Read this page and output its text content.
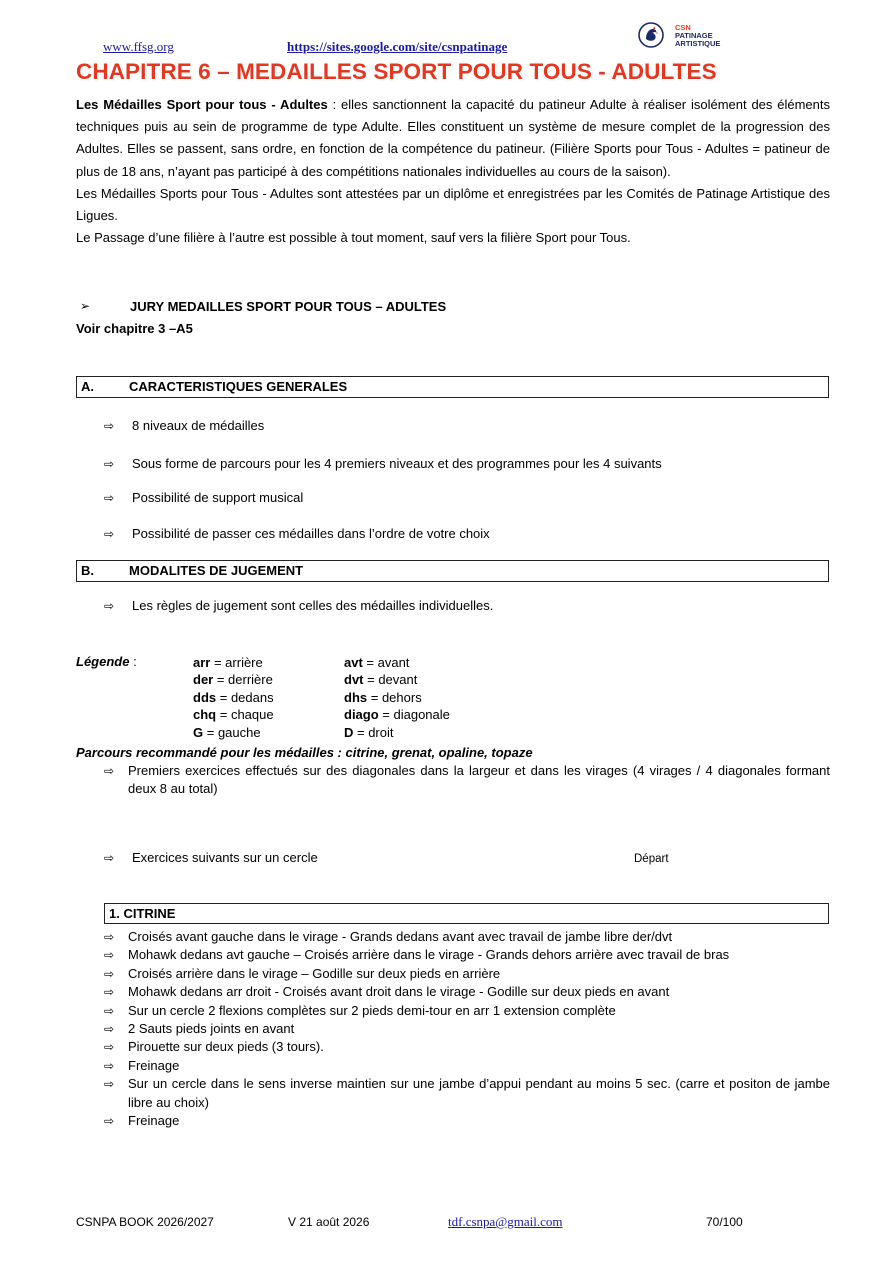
www.ffsg.org	https://sites.google.com/site/csnpatinage
CSN
PATINAGE
ARTISTIQUE
CHAPITRE 6 – MEDAILLES SPORT POUR TOUS - ADULTES

Les Médailles Sport pour tous - Adultes : elles sanctionnent la capacité du patineur Adulte à réaliser isolément des éléments techniques puis au sein de programme de type Adulte. Elles constituent un système de mesure complet de la progression des Adultes. Elles se passent, sans ordre, en fonction de la compétence du patineur. (Filière Sports pour Tous - Adultes = patineur de plus de 18 ans, n’ayant pas participé à des compétitions nationales individuelles au cours de la saison).

Les Médailles Sports pour Tous - Adultes sont attestées par un diplôme et enregistrées par les Comités de Patinage Artistique des Ligues.

Le Passage d’une filière à l’autre est possible à tout moment, sauf vers la filière Sport pour Tous.

➢	JURY MEDAILLES SPORT POUR TOUS – ADULTES
Voir chapitre 3 –A5
A.	CARACTERISTIQUES GENERALES
⇨ 8 niveaux de médailles
⇨ Sous forme de parcours pour les 4 premiers niveaux et des programmes pour les 4 suivants
⇨ Possibilité de support musical
⇨ Possibilité de passer ces médailles dans l’ordre de votre choix
B.	MODALITES DE JUGEMENT
⇨ Les règles de jugement sont celles des médailles individuelles.
Légende :	arr = arrière	avt = avant
der = derrière	dvt = devant
dds = dedans	dhs = dehors
chq = chaque	diago = diagonale
G = gauche	D = droit
Parcours recommandé pour les médailles : citrine, grenat, opaline, topaze
⇨ Premiers exercices effectués sur des diagonales dans la largeur et dans les virages (4 virages / 4 diagonales formant deux 8 au total)
⇨ Exercices suivants sur un cercle	Départ
1. CITRINE
⇨ Croisés avant gauche dans le virage - Grands dedans avant avec travail de jambe libre der/dvt
⇨ Mohawk dedans avt gauche – Croisés arrière dans le virage - Grands dehors arrière avec travail de bras
⇨ Croisés arrière dans le virage – Godille sur deux pieds en arrière
⇨ Mohawk dedans arr droit - Croisés avant droit dans le virage - Godille sur deux pieds en avant
⇨ Sur un cercle 2 flexions complètes sur 2 pieds demi-tour en arr 1 extension complète
⇨ 2 Sauts pieds joints en avant
⇨ Pirouette sur deux pieds (3 tours).
⇨ Freinage
⇨ Sur un cercle dans le sens inverse maintien sur une jambe d’appui pendant au moins 5 sec. (carre et positon de jambe libre au choix)
⇨ Freinage
CSNPA BOOK 2026/2027	V 21 août 2026	tdf.csnpa@gmail.com	70/100
